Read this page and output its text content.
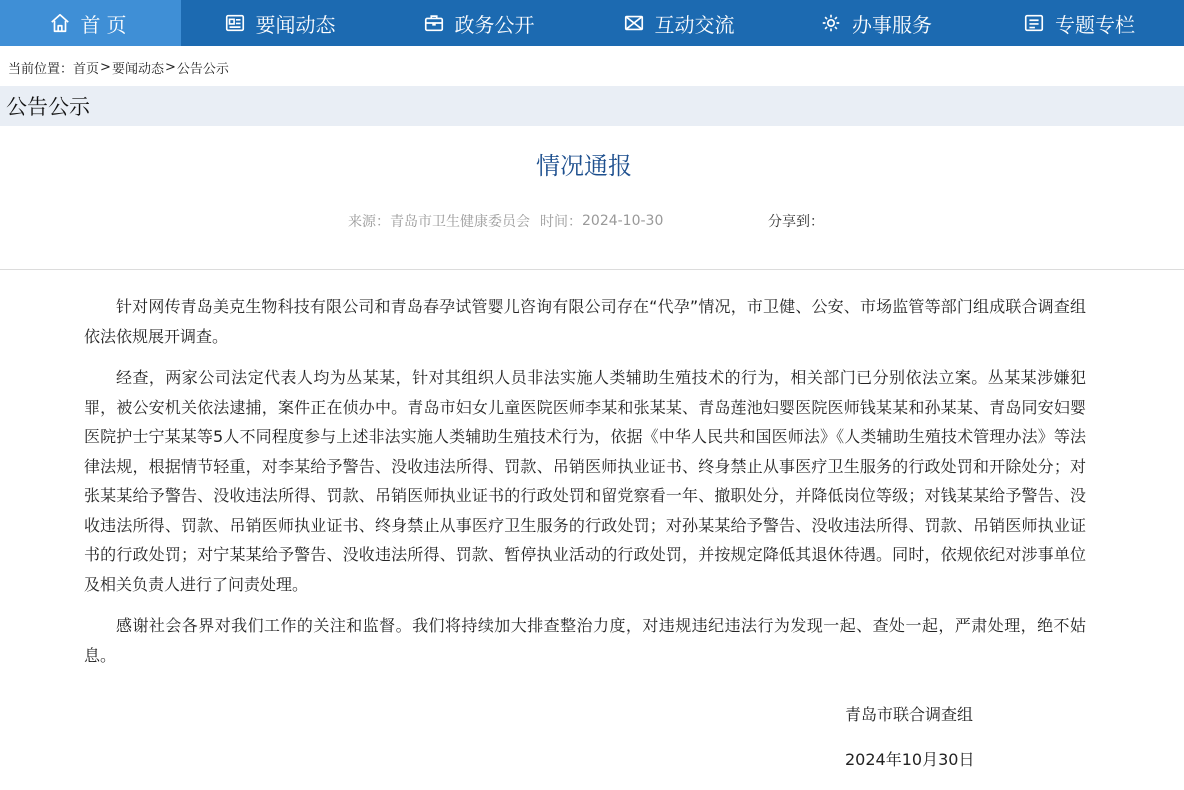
首页	要闻动态	政务公开	互动交流	办事服务	专题专栏
当前位置： 首页 > 要闻动态 > 公告公示
公告公示
情况通报
来源： 青岛市卫生健康委员会 时间： 2024-10-30	分享到：

针对网传青岛美克生物科技有限公司和青岛春孕试管婴儿咨询有限公司存在“代孕”情况，市卫健、公安、市场监管等部门组成联合调查组依法依规展开调查。

经查，两家公司法定代表人均为丛某某，针对其组织人员非法实施人类辅助生殖技术的行为，相关部门已分别依法立案。丛某某涉嫌犯罪，被公安机关依法逮捕，案件正在侦办中。青岛市妇女儿童医院医师李某和张某某、青岛莲池妇婴医院医师钱某某和孙某某、青岛同安妇婴医院护士宁某某等5人不同程度参与上述非法实施人类辅助生殖技术行为，依据《中华人民共和国医师法》《人类辅助生殖技术管理办法》等法律法规，根据情节轻重，对李某给予警告、没收违法所得、罚款、吊销医师执业证书、终身禁止从事医疗卫生服务的行政处罚和开除处分；对张某某给予警告、没收违法所得、罚款、吊销医师执业证书的行政处罚和留党察看一年、撤职处分，并降低岗位等级；对钱某某给予警告、没收违法所得、罚款、吊销医师执业证书、终身禁止从事医疗卫生服务的行政处罚；对孙某某给予警告、没收违法所得、罚款、吊销医师执业证书的行政处罚；对宁某某给予警告、没收违法所得、罚款、暂停执业活动的行政处罚，并按规定降低其退休待遇。同时，依规依纪对涉事单位及相关负责人进行了问责处理。

感谢社会各界对我们工作的关注和监督。我们将持续加大排查整治力度，对违规违纪违法行为发现一起、查处一起，严肃处理，绝不姑息。

青岛市联合调查组
2024年10月30日
